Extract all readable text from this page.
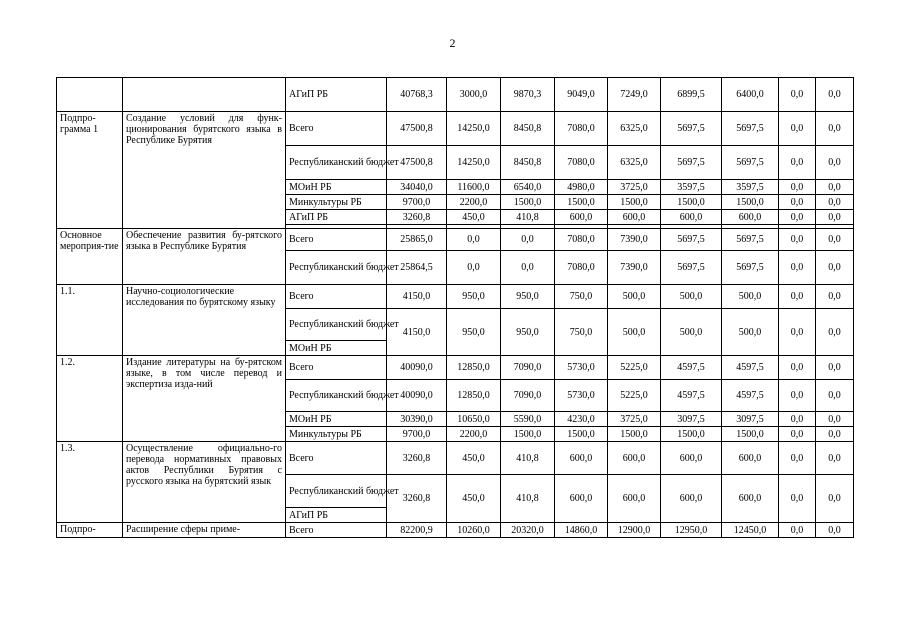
2
		АГиП РБ	40768,3	3000,0	9870,3	9049,0	7249,0	6899,5	6400,0	0,0	0,0
Подпро-грамма 1	Создание условий для функ-ционирования бурятского языка в Республике Бурятия	Всего	47500,8	14250,0	8450,8	7080,0	6325,0	5697,5	5697,5	0,0	0,0
		Республиканский бюджет	47500,8	14250,0	8450,8	7080,0	6325,0	5697,5	5697,5	0,0	0,0
		МОиН РБ	34040,0	11600,0	6540,0	4980,0	3725,0	3597,5	3597,5	0,0	0,0
		Минкультуры РБ	9700,0	2200,0	1500,0	1500,0	1500,0	1500,0	1500,0	0,0	0,0
		АГиП РБ	3260,8	450,0	410,8	600,0	600,0	600,0	600,0	0,0	0,0

Основное мероприя-тие	Обеспечение развития бу-рятского языка в Республике Бурятия	Всего	25865,0	0,0	0,0	7080,0	7390,0	5697,5	5697,5	0,0	0,0
		Республиканский бюджет	25864,5	0,0	0,0	7080,0	7390,0	5697,5	5697,5	0,0	0,0
1.1.	Научно-социологические исследования по бурятскому языку	Всего	4150,0	950,0	950,0	750,0	500,0	500,0	500,0	0,0	0,0
		Республиканский бюджет	4150,0	950,0	950,0	750,0	500,0	500,0	500,0	0,0	0,0
		МОиН РБ									
1.2.	Издание литературы на бу-рятском языке, в том числе перевод и экспертиза изда-ний	Всего	40090,0	12850,0	7090,0	5730,0	5225,0	4597,5	4597,5	0,0	0,0
		Республиканский бюджет	40090,0	12850,0	7090,0	5730,0	5225,0	4597,5	4597,5	0,0	0,0
		МОиН РБ	30390,0	10650,0	5590,0	4230,0	3725,0	3097,5	3097,5	0,0	0,0
		Минкультуры РБ	9700,0	2200,0	1500,0	1500,0	1500,0	1500,0	1500,0	0,0	0,0
1.3.	Осуществление официально-го перевода нормативных правовых актов Республики Бурятия с русского языка на бурятский язык	Всего	3260,8	450,0	410,8	600,0	600,0	600,0	600,0	0,0	0,0
		Республиканский бюджет	3260,8	450,0	410,8	600,0	600,0	600,0	600,0	0,0	0,0
		АГиП РБ									
Подпро-	Расширение сферы приме-	Всего	82200,9	10260,0	20320,0	14860,0	12900,0	12950,0	12450,0	0,0	0,0
